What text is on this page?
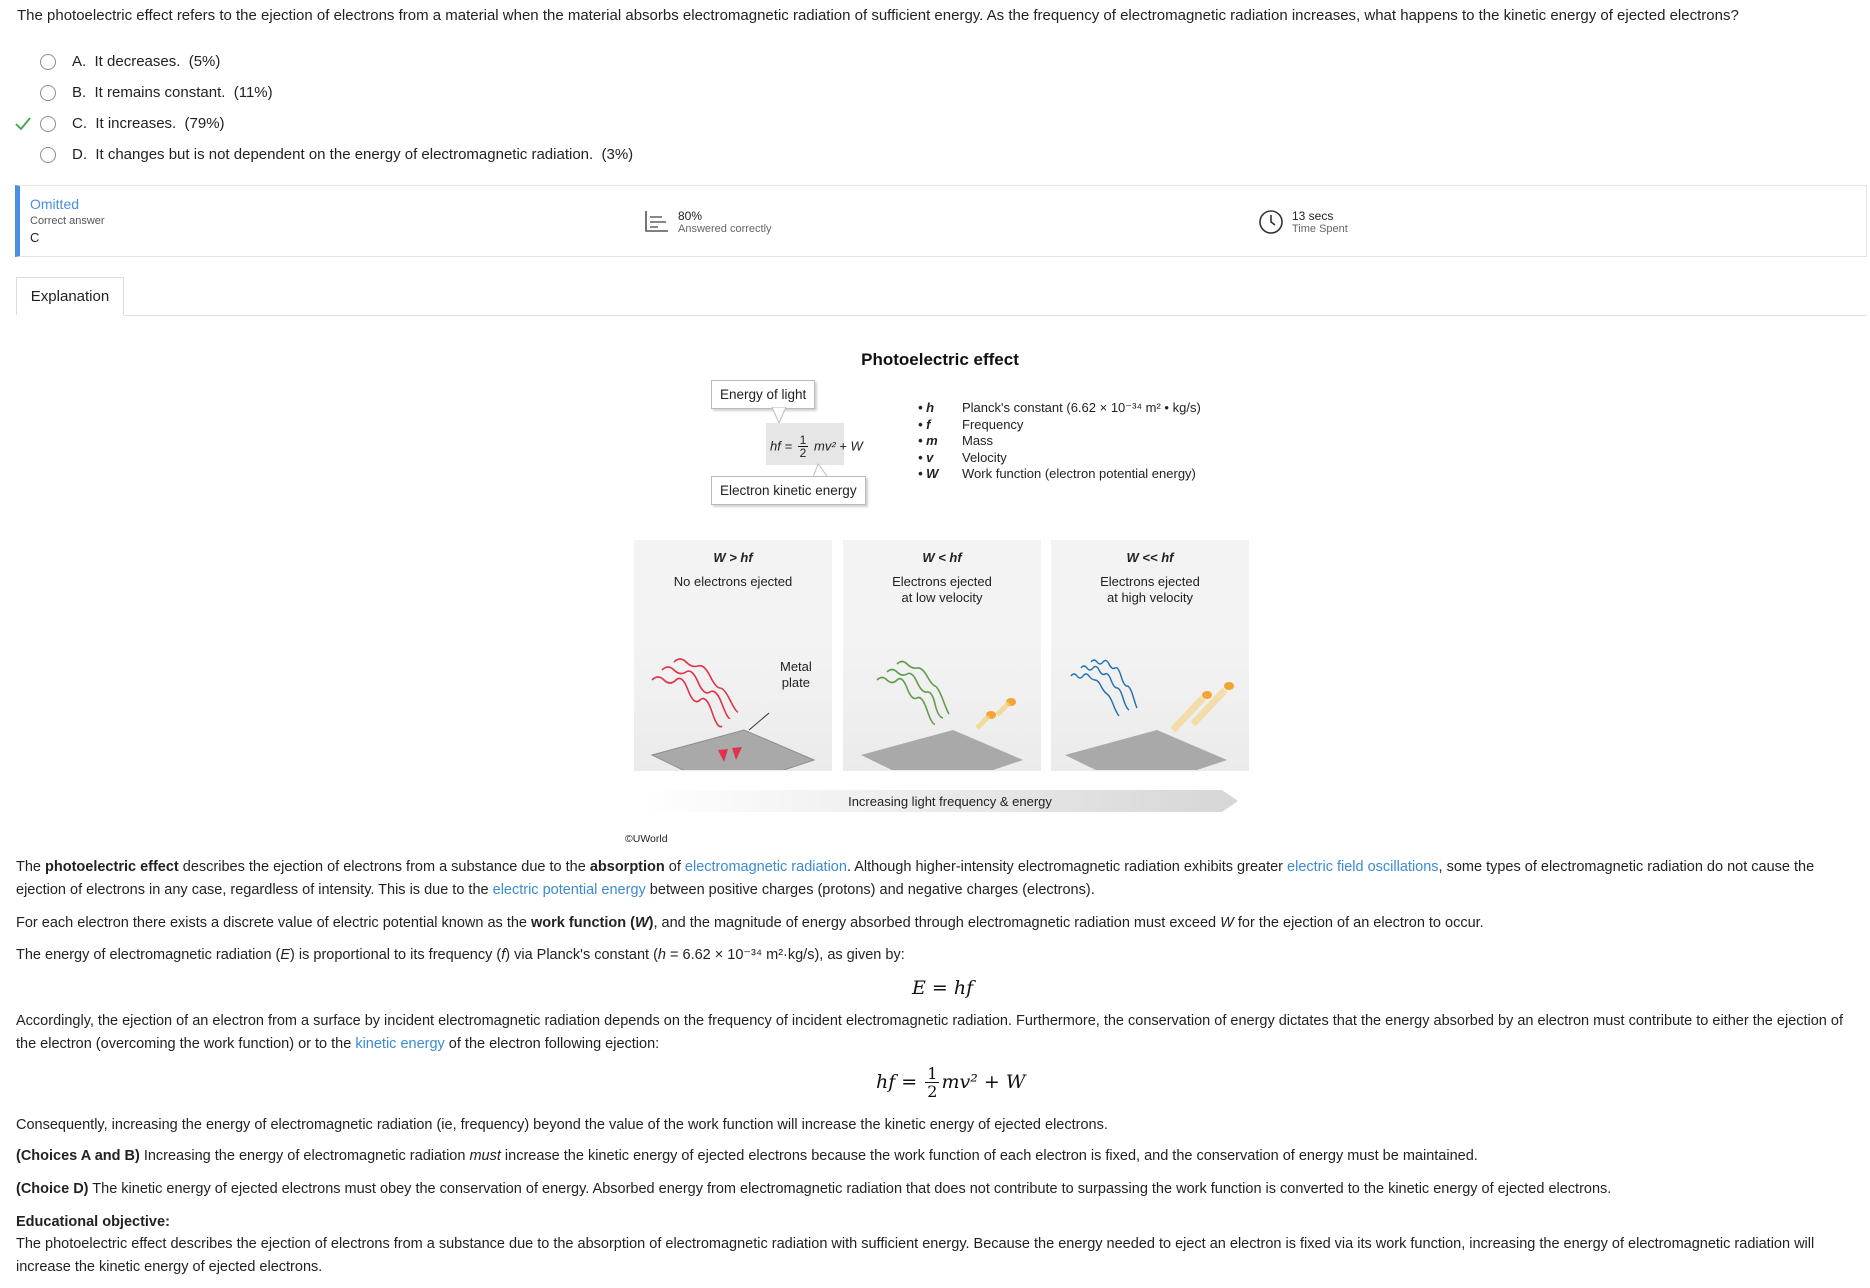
The photoelectric effect refers to the ejection of electrons from a material when the material absorbs electromagnetic radiation of sufficient energy. As the frequency of electromagnetic radiation increases, what happens to the kinetic energy of ejected electrons?
A.  It decreases.  (5%)
B.  It remains constant.  (11%)
C.  It increases.  (79%)
D.  It changes but is not dependent on the energy of electromagnetic radiation.  (3%)
Omitted
Correct answer
C
80%
Answered correctly
13 secs
Time Spent
Explanation
Photoelectric effect
Energy of light
hf = $\frac{1}{2} mv^2 + W$
Electron kinetic energy
• h	Planck's constant (6.62 × 10⁻³⁴ m² • kg/s)
• f	Frequency
• m	Mass
• v	Velocity
• W	Work function (electron potential energy)
W > hf
No electrons ejected
Metal
plate
W < hf
Electrons ejected
at low velocity
W << hf
Electrons ejected
at high velocity
Increasing light frequency & energy
©UWorld
The photoelectric effect describes the ejection of electrons from a substance due to the absorption of electromagnetic radiation. Although higher-intensity electromagnetic radiation exhibits greater electric field oscillations, some types of electromagnetic radiation do not cause the ejection of electrons in any case, regardless of intensity. This is due to the electric potential energy between positive charges (protons) and negative charges (electrons).
For each electron there exists a discrete value of electric potential known as the work function (W), and the magnitude of energy absorbed through electromagnetic radiation must exceed W for the ejection of an electron to occur.
The energy of electromagnetic radiation (E) is proportional to its frequency (f) via Planck's constant (h = 6.62 × 10⁻³⁴ m²·kg/s), as given by:
E = hf
Accordingly, the ejection of an electron from a surface by incident electromagnetic radiation depends on the frequency of incident electromagnetic radiation. Furthermore, the conservation of energy dictates that the energy absorbed by an electron must contribute to either the ejection of the electron (overcoming the work function) or to the kinetic energy of the electron following ejection:
hf = $\frac{1}{2} mv^2 + W$
Consequently, increasing the energy of electromagnetic radiation (ie, frequency) beyond the value of the work function will increase the kinetic energy of ejected electrons.
(Choices A and B) Increasing the energy of electromagnetic radiation must increase the kinetic energy of ejected electrons because the work function of each electron is fixed, and the conservation of energy must be maintained.
(Choice D) The kinetic energy of ejected electrons must obey the conservation of energy. Absorbed energy from electromagnetic radiation that does not contribute to surpassing the work function is converted to the kinetic energy of ejected electrons.
Educational objective:
The photoelectric effect describes the ejection of electrons from a substance due to the absorption of electromagnetic radiation with sufficient energy. Because the energy needed to eject an electron is fixed via its work function, increasing the energy of electromagnetic radiation will increase the kinetic energy of ejected electrons.
